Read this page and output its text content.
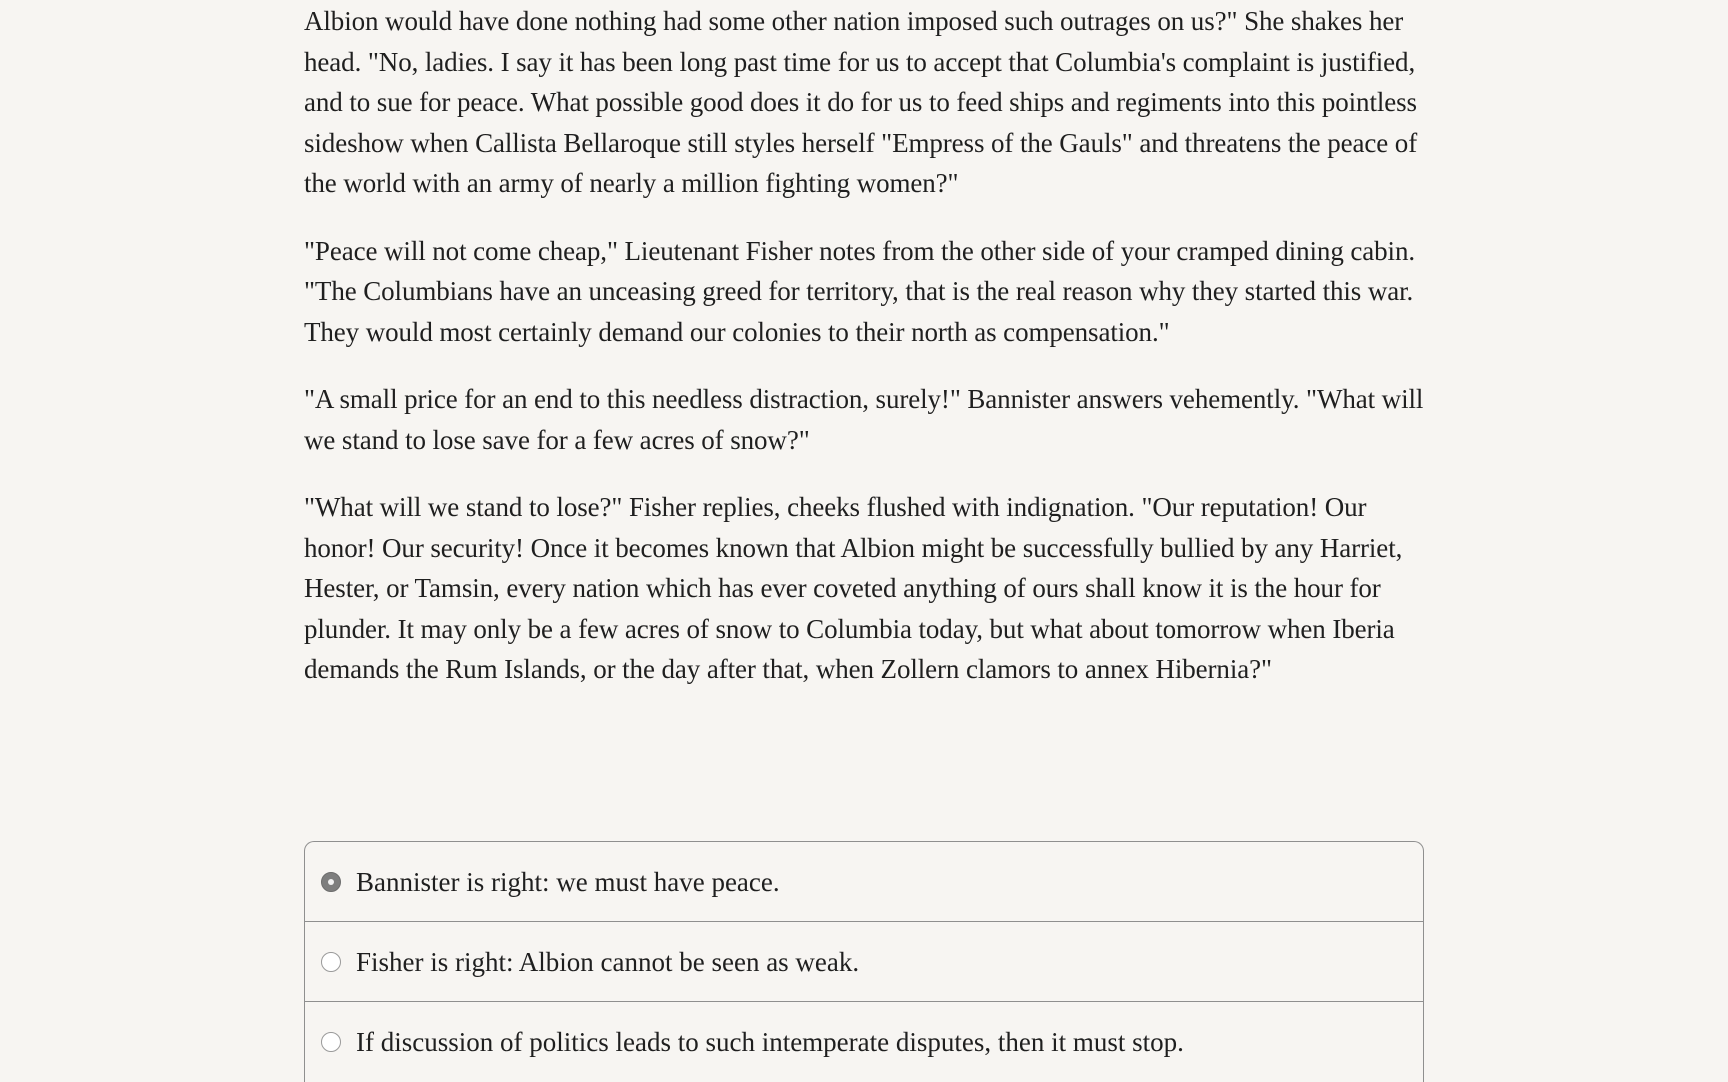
Albion would have done nothing had some other nation imposed such outrages on us?" She shakes her head. "No, ladies. I say it has been long past time for us to accept that Columbia's complaint is justified, and to sue for peace. What possible good does it do for us to feed ships and regiments into this pointless sideshow when Callista Bellaroque still styles herself "Empress of the Gauls" and threatens the peace of the world with an army of nearly a million fighting women?"

"Peace will not come cheap," Lieutenant Fisher notes from the other side of your cramped dining cabin. "The Columbians have an unceasing greed for territory, that is the real reason why they started this war. They would most certainly demand our colonies to their north as compensation."

"A small price for an end to this needless distraction, surely!" Bannister answers vehemently. "What will we stand to lose save for a few acres of snow?"

"What will we stand to lose?" Fisher replies, cheeks flushed with indignation. "Our reputation! Our honor! Our security! Once it becomes known that Albion might be successfully bullied by any Harriet, Hester, or Tamsin, every nation which has ever coveted anything of ours shall know it is the hour for plunder. It may only be a few acres of snow to Columbia today, but what about tomorrow when Iberia demands the Rum Islands, or the day after that, when Zollern clamors to annex Hibernia?"

Bannister is right: we must have peace.
Fisher is right: Albion cannot be seen as weak.
If discussion of politics leads to such intemperate disputes, then it must stop.
